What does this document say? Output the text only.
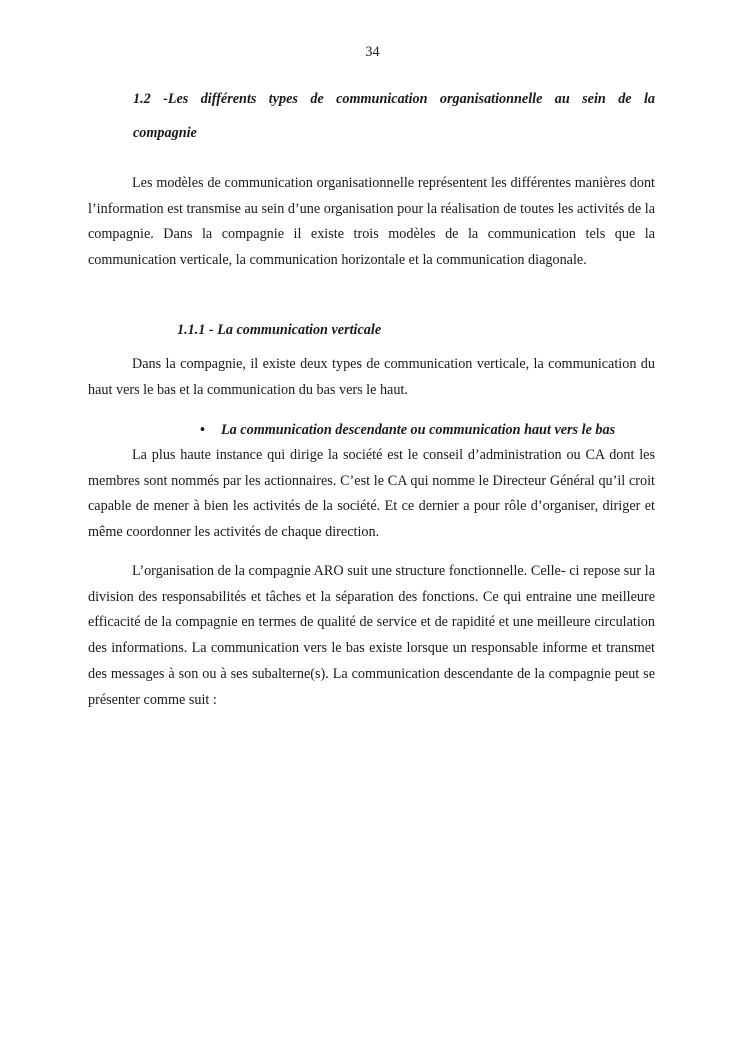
34
1.2 -Les différents types de communication organisationnelle au sein de la
compagnie

Les modèles de communication organisationnelle représentent les différentes manières dont l’information est transmise au sein d’une organisation pour la réalisation de toutes les activités de la compagnie. Dans la compagnie il existe trois modèles de la communication tels que la communication verticale, la communication horizontale et la communication diagonale.

1.1.1 - La communication verticale

Dans la compagnie, il existe deux types de communication verticale, la communication du haut vers le bas et la communication du bas vers le haut.

• La communication descendante ou communication haut vers le bas

La plus haute instance qui dirige la société est le conseil d’administration ou CA dont les membres sont nommés par les actionnaires. C’est le CA qui nomme le Directeur Général qu’il croit capable de mener à bien les activités de la société. Et ce dernier a pour rôle d’organiser, diriger et même coordonner les activités de chaque direction.

L’organisation de la compagnie ARO suit une structure fonctionnelle. Celle- ci repose sur la division des responsabilités et tâches et la séparation des fonctions. Ce qui entraine une meilleure efficacité de la compagnie en termes de qualité de service et de rapidité et une meilleure circulation des informations. La communication vers le bas existe lorsque un responsable informe et transmet des messages à son ou à ses subalterne(s). La communication descendante de la compagnie peut se présenter comme suit :
